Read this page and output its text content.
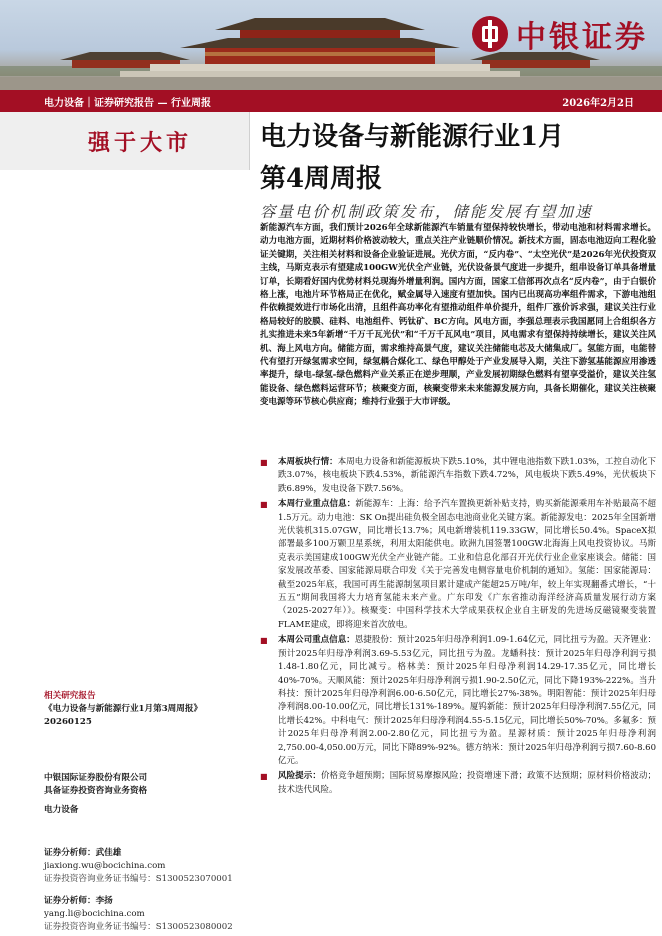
中银证券
电力设备｜证券研究报告 — 行业周报	2026年2月2日
强于大市
相关研究报告
《电力设备与新能源行业1月第3周周报》
20260125
中银国际证券股份有限公司
具备证券投资咨询业务资格
电力设备
证券分析师：武佳雄
jiaxiong.wu@bocichina.com
证券投资咨询业务证书编号：S1300523070001
证券分析师：李扬
yang.li@bocichina.com
证券投资咨询业务证书编号：S1300523080002
电力设备与新能源行业1月
第4周周报
容量电价机制政策发布，储能发展有望加速
新能源汽车方面，我们预计2026年全球新能源汽车销量有望保持较快增长，带动电池和材料需求增长。动力电池方面，近期材料价格波动较大，重点关注产业链顺价情况。新技术方面，固态电池迈向工程化验证关键期，关注相关材料和设备企业验证进展。光伏方面，“反内卷”、“太空光伏”是2026年光伏投资双主线，马斯克表示有望建成100GW光伏全产业链，光伏设备景气度进一步提升，组串设备订单具备增量订单，长期看好国内优势材料兑现海外增量利润。国内方面，国家工信部再次点名“反内卷”，由于白银价格上涨，电池片环节格局正在优化，赋金属导入速度有望加快。国内已出现高功率组件需求，下游电池组件依赖提效进行市场化出清，且组件高功率化有望推动组件单价提升，组件厂涨价诉求强，建议关注行业格局较好的胶膜、硅料、电池组件、钙钛矿、BC方向。风电方面，李强总理表示我国愿同上合组织各方扎实推进未来5年新增“千万千瓦光伏”和“千万千瓦风电”项目，风电需求有望保持持续增长，建议关注风机、海上风电方向。储能方面，需求维持高景气度，建议关注储能电芯及大储集成厂。氢能方面，电能替代有望打开绿氢需求空间，绿氢耦合煤化工、绿色甲醇处于产业发展导入期，关注下游氢基能源应用渗透率提升，绿电-绿氢-绿色燃料产业关系正在逆步理顺，产业发展初期绿色燃料有望享受溢价，建议关注氢能设备、绿色燃料运营环节；核聚变方面，核聚变带来未来能源发展方向，具备长期催化，建议关注核聚变电源等环节核心供应商；维持行业强于大市评级。
■	本周板块行情：本周电力设备和新能源板块下跌5.10%，其中锂电池指数下跌1.03%，工控自动化下跌3.07%，核电板块下跌4.53%，新能源汽车指数下跌4.72%，风电板块下跌5.49%，光伏板块下跌6.89%，发电设备下跌7.56%。
■	本周行业重点信息：新能源车：上海：给予汽车置换更新补贴支持，购买新能源乘用车补贴最高不超1.5万元。动力电池：SK On提出硅负极全固态电池商业化关键方案。新能源发电：2025年全国新增光伏装机315.07GW，同比增长13.7%；风电新增装机119.33GW，同比增长50.4%。SpaceX拟部署最多100万颗卫星系统，利用太阳能供电。欧洲九国签署100GW北海海上风电投资协议。马斯克表示美国建成100GW光伏全产业链产能。工业和信息化部召开光伏行业企业家座谈会。储能：国家发展改革委、国家能源局联合印发《关于完善发电侧容量电价机制的通知》。氢能：国家能源局：截至2025年底，我国可再生能源制氢项目累计建成产能超25万吨/年，较上年实现翻番式增长，“十五五”期间我国将大力培育氢能未来产业。广东印发《广东省推动海洋经济高质量发展行动方案（2025-2027年）》。核聚变：中国科学技术大学成果获权企业自主研发的先进场反磁镜聚变装置FLAME建成，即将迎来首次放电。
■	本周公司重点信息：恩捷股份：预计2025年归母净利润1.09-1.64亿元，同比扭亏为盈。天齐锂业：预计2025年归母净利润3.69-5.53亿元，同比扭亏为盈。龙蟠科技：预计2025年归母净利润亏损1.48-1.80亿元，同比减亏。格林美：预计2025年归母净利润14.29-17.35亿元，同比增长40%-70%。天顺风能：预计2025年归母净利润亏损1.90-2.50亿元，同比下降193%-222%。当升科技：预计2025年归母净利润6.00-6.50亿元，同比增长27%-38%。明阳智能：预计2025年归母净利润8.00-10.00亿元，同比增长131%-189%。厦钨新能：预计2025年归母净利润7.55亿元，同比增长42%。中科电气：预计2025年归母净利润4.55-5.15亿元，同比增长50%-70%。多氟多：预计2025年归母净利润2.00-2.80亿元，同比扭亏为盈。星源材质：预计2025年归母净利润2,750.00-4,050.00万元，同比下降89%-92%。德方纳米：预计2025年归母净利润亏损7.60-8.60亿元。
■	风险提示：价格竞争超预期；国际贸易摩擦风险；投资增速下滑；政策不达预期；原材料价格波动；技术迭代风险。
